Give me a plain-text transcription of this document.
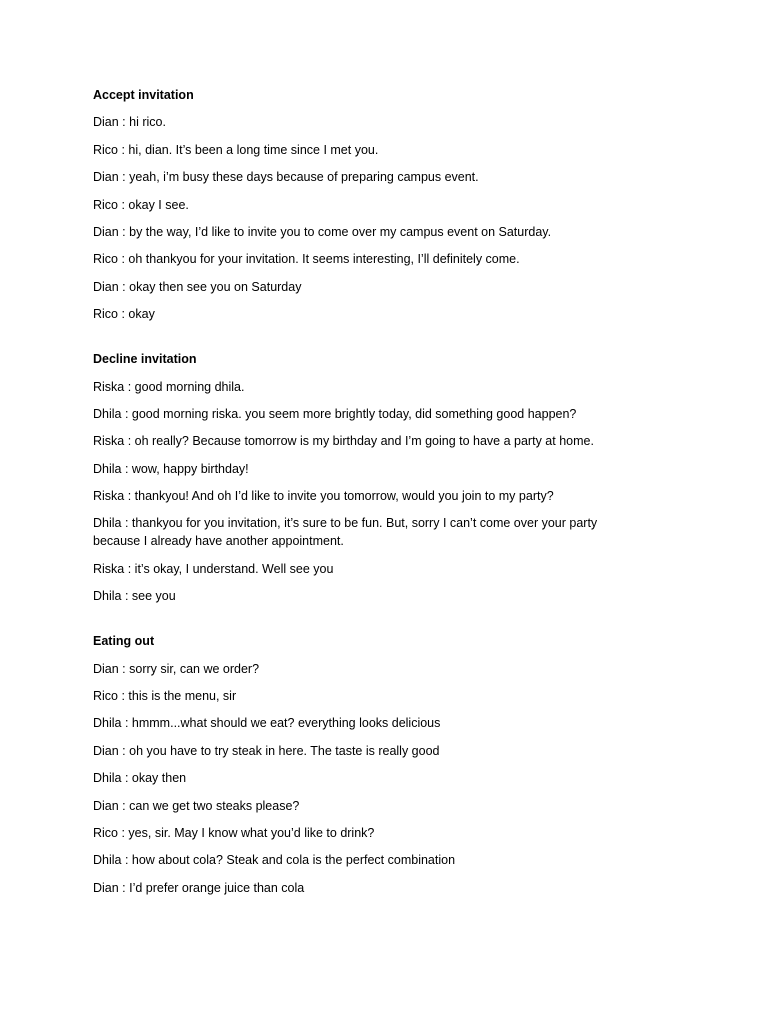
Accept invitation
Dian : hi rico.
Rico : hi, dian. It’s been a long time since I met you.
Dian : yeah, i’m busy these days because of preparing campus event.
Rico : okay I see.
Dian : by the way, I’d like to invite you to come over my campus event on Saturday.
Rico : oh thankyou for your invitation. It seems interesting, I’ll definitely come.
Dian : okay then see you on Saturday
Rico : okay
Decline invitation
Riska : good morning dhila.
Dhila : good morning riska. you seem more brightly today, did something good happen?
Riska : oh really? Because tomorrow is my birthday and I’m going to have a party at home.
Dhila : wow, happy birthday!
Riska : thankyou! And oh I’d like to invite you tomorrow, would you join to my party?
Dhila : thankyou for you invitation, it’s sure to be fun. But, sorry I can’t come over your party because I already have another appointment.
Riska : it’s okay, I understand. Well see you
Dhila : see you
Eating out
Dian : sorry sir, can we order?
Rico : this is the menu, sir
Dhila : hmmm...what should we eat? everything looks delicious
Dian : oh you have to try steak in here. The taste is really good
Dhila : okay then
Dian : can we get two steaks please?
Rico : yes, sir. May I know what you’d like to drink?
Dhila : how about cola? Steak and cola is the perfect combination
Dian : I’d prefer orange juice than cola
